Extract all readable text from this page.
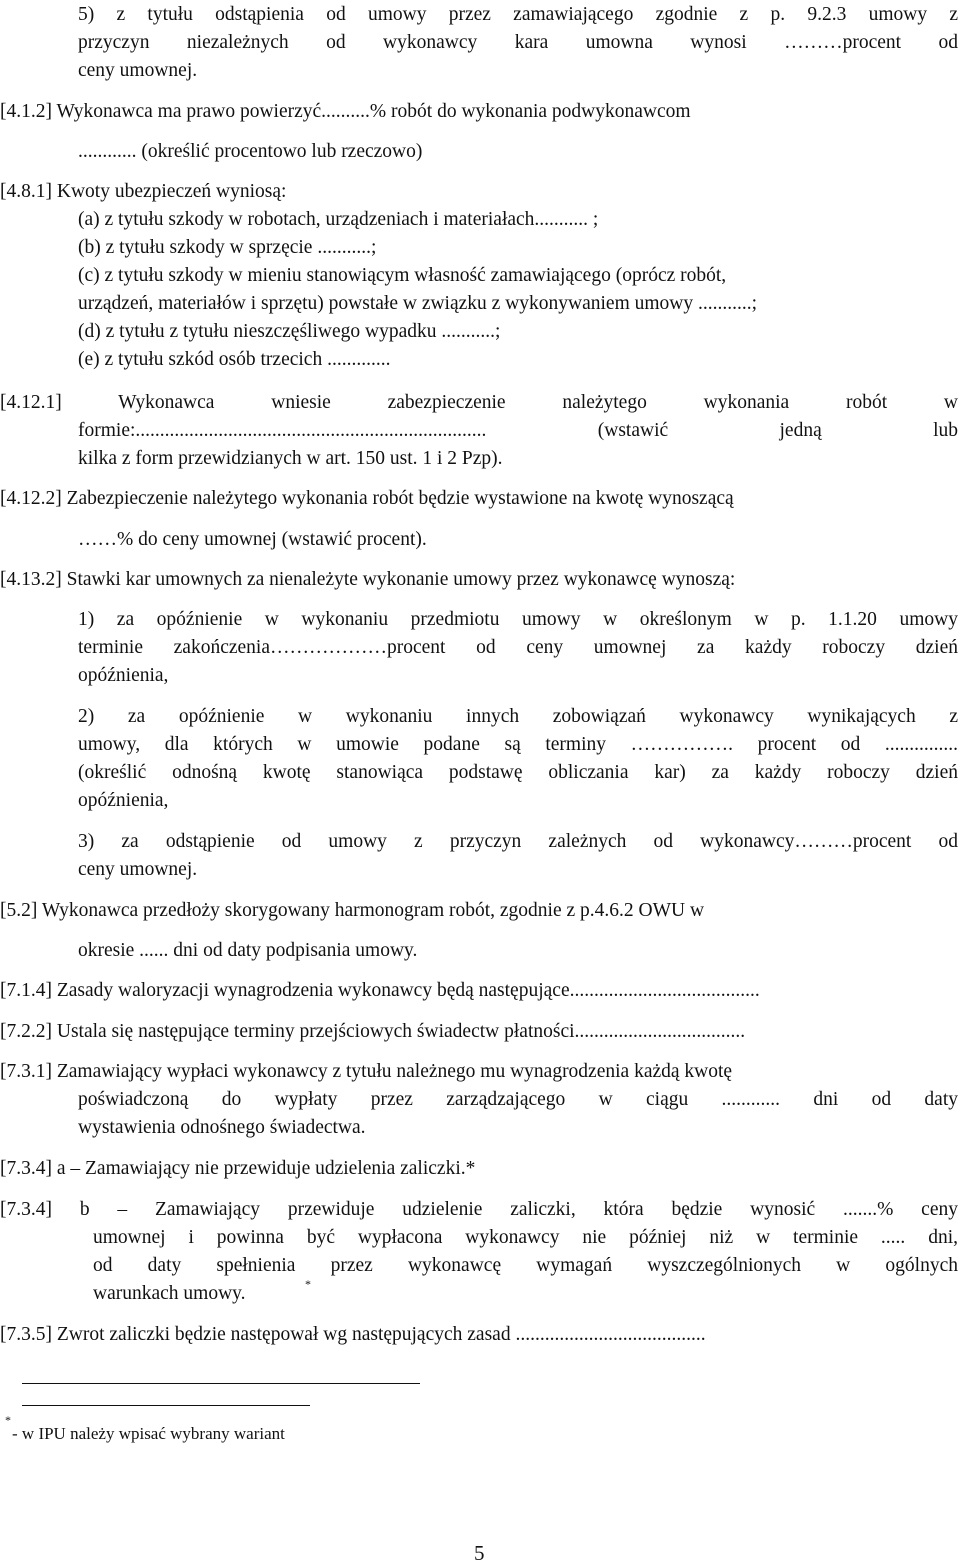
5) z tytułu odstąpienia od umowy przez zamawiającego zgodnie z p. 9.2.3 umowy z
przyczyn niezależnych od wykonawcy kara umowna wynosi ………procent od
ceny umownej.
[4.1.2] Wykonawca ma prawo powierzyć..........% robót do wykonania podwykonawcom
............ (określić procentowo lub rzeczowo)
[4.8.1] Kwoty ubezpieczeń wyniosą:
(a) z tytułu szkody w robotach, urządzeniach i materiałach........... ;
(b) z tytułu szkody w sprzęcie ...........;
(c) z tytułu szkody w mieniu stanowiącym własność zamawiającego (oprócz robót,
urządzeń, materiałów i sprzętu) powstałe w związku z wykonywaniem umowy ...........;
(d) z tytułu z tytułu nieszczęśliwego wypadku ...........;
(e) z tytułu szkód osób trzecich .............
[4.12.1] Wykonawca wniesie zabezpieczenie należytego wykonania robót w
formie:........................................................................ (wstawić jedną lub
kilka z form przewidzianych w art. 150 ust. 1 i 2 Pzp).
[4.12.2] Zabezpieczenie należytego wykonania robót będzie wystawione na kwotę wynoszącą
……% do ceny umownej (wstawić procent).
[4.13.2] Stawki kar umownych za nienależyte wykonanie umowy przez wykonawcę wynoszą:
1) za opóźnienie w wykonaniu przedmiotu umowy w określonym w p. 1.1.20 umowy
terminie zakończenia………………procent od ceny umownej za każdy roboczy dzień
opóźnienia,
2) za opóźnienie w wykonaniu innych zobowiązań wykonawcy wynikających z
umowy, dla których w umowie podane są terminy ……………. procent od ...............
(określić odnośną kwotę stanowiąca podstawę obliczania kar) za każdy roboczy dzień
opóźnienia,
3) za odstąpienie od umowy z przyczyn zależnych od wykonawcy………procent od
ceny umownej.
[5.2] Wykonawca przedłoży skorygowany harmonogram robót, zgodnie z p.4.6.2 OWU w
okresie ...... dni od daty podpisania umowy.
[7.1.4] Zasady waloryzacji wynagrodzenia wykonawcy będą następujące.......................................
[7.2.2] Ustala się następujące terminy przejściowych świadectw płatności...................................
[7.3.1] Zamawiający wypłaci wykonawcy z tytułu należnego mu wynagrodzenia każdą kwotę
poświadczoną do wypłaty przez zarządzającego w ciągu ............ dni od daty
wystawienia odnośnego świadectwa.
[7.3.4] a – Zamawiający nie przewiduje udzielenia zaliczki.*
[7.3.4] b – Zamawiający przewiduje udzielenie zaliczki, która będzie wynosić .......% ceny
umownej i powinna być wypłacona wykonawcy nie później niż w terminie ..... dni,
od daty spełnienia przez wykonawcę wymagań wyszczególnionych w ogólnych
warunkach umowy.
[7.3.5] Zwrot zaliczki będzie następował wg następujących zasad .......................................
*
*
- w IPU należy wpisać wybrany wariant
5
